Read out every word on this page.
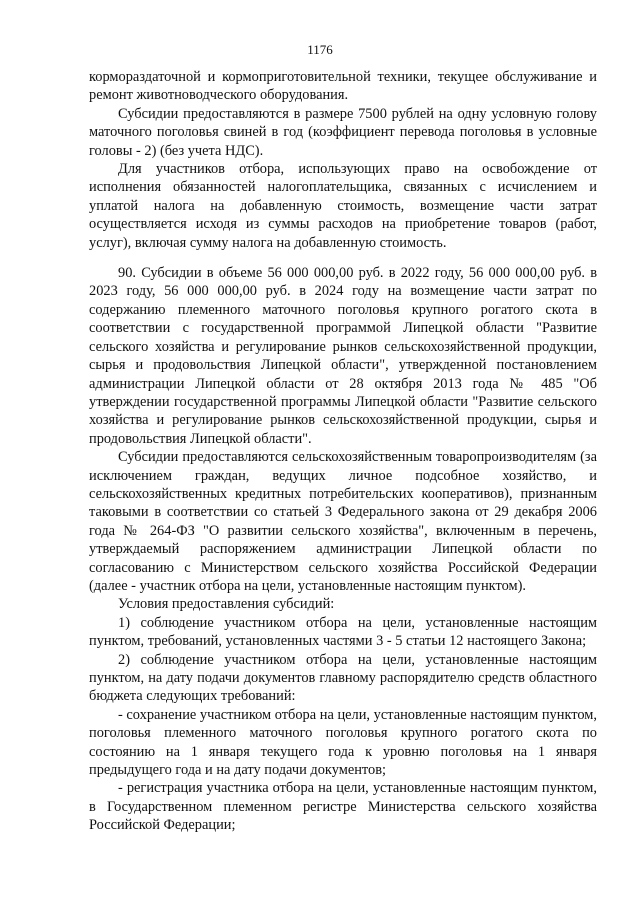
1176

кормораздаточной и кормоприготовительной техники, текущее обслуживание и ремонт животноводческого оборудования.

Субсидии предоставляются в размере 7500 рублей на одну условную голову маточного поголовья свиней в год (коэффициент перевода поголовья в условные головы - 2) (без учета НДС).

Для участников отбора, использующих право на освобождение от исполнения обязанностей налогоплательщика, связанных с исчислением и уплатой налога на добавленную стоимость, возмещение части затрат осуществляется исходя из суммы расходов на приобретение товаров (работ, услуг), включая сумму налога на добавленную стоимость.

90. Субсидии в объеме 56 000 000,00 руб. в 2022 году, 56 000 000,00 руб. в 2023 году, 56 000 000,00 руб. в 2024 году на возмещение части затрат по содержанию племенного маточного поголовья крупного рогатого скота в соответствии с государственной программой Липецкой области "Развитие сельского хозяйства и регулирование рынков сельскохозяйственной продукции, сырья и продовольствия Липецкой области", утвержденной постановлением администрации Липецкой области от 28 октября 2013 года № 485 "Об утверждении государственной программы Липецкой области "Развитие сельского хозяйства и регулирование рынков сельскохозяйственной продукции, сырья и продовольствия Липецкой области".

Субсидии предоставляются сельскохозяйственным товаропроизводителям (за исключением граждан, ведущих личное подсобное хозяйство, и сельскохозяйственных кредитных потребительских кооперативов), признанным таковыми в соответствии со статьей 3 Федерального закона от 29 декабря 2006 года № 264-ФЗ "О развитии сельского хозяйства", включенным в перечень, утверждаемый распоряжением администрации Липецкой области по согласованию с Министерством сельского хозяйства Российской Федерации (далее - участник отбора на цели, установленные настоящим пунктом).

Условия предоставления субсидий:

1) соблюдение участником отбора на цели, установленные настоящим пунктом, требований, установленных частями 3 - 5 статьи 12 настоящего Закона;

2) соблюдение участником отбора на цели, установленные настоящим пунктом, на дату подачи документов главному распорядителю средств областного бюджета следующих требований:

- сохранение участником отбора на цели, установленные настоящим пунктом, поголовья племенного маточного поголовья крупного рогатого скота по состоянию на 1 января текущего года к уровню поголовья на 1 января предыдущего года и на дату подачи документов;

- регистрация участника отбора на цели, установленные настоящим пунктом, в Государственном племенном регистре Министерства сельского хозяйства Российской Федерации;
